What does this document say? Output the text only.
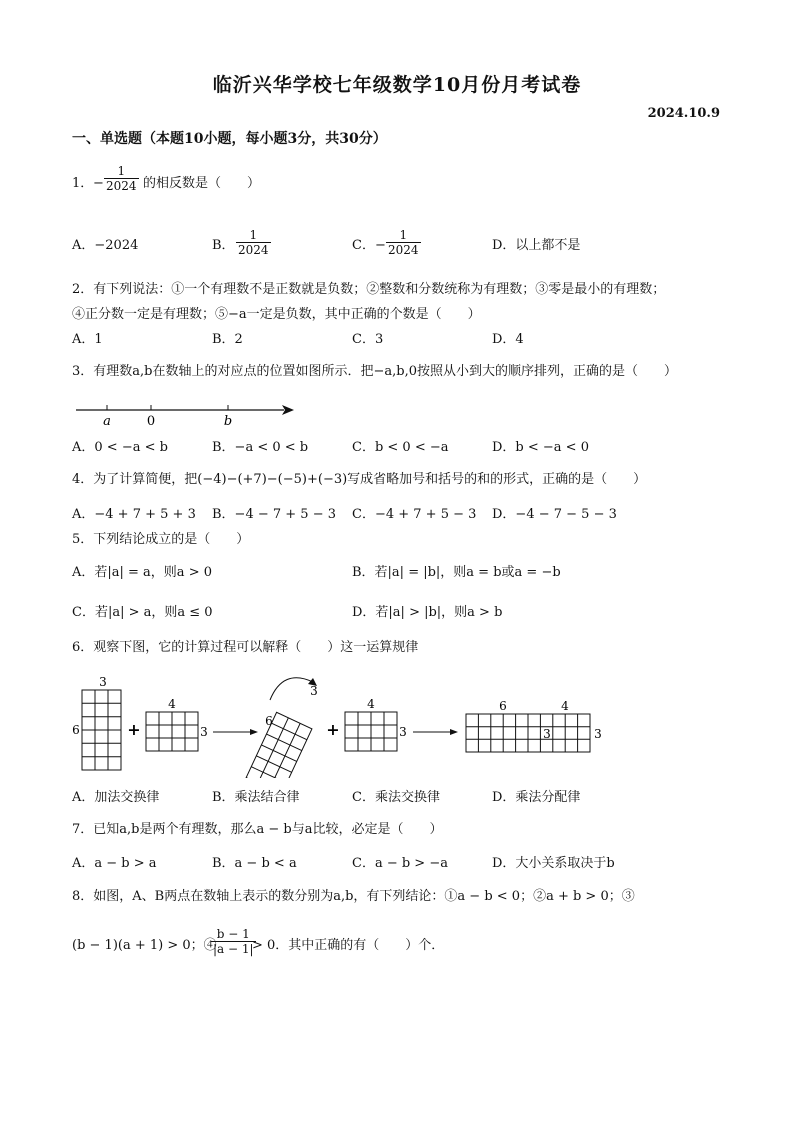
临沂兴华学校七年级数学10月份月考试卷
2024.10.9
一、单选题（本题10小题，每小题3分，共30分）
1． − $\frac{1}{2024}$ 的相反数是（　　）
A．−2024	B． $\frac{1}{2024}$	C．− $\frac{1}{2024}$	D．以上都不是
2．有下列说法：①一个有理数不是正数就是负数；②整数和分数统称为有理数；③零是最小的有理数；
④正分数一定是有理数；⑤−a一定是负数，其中正确的个数是（　　）
A．1	B．2	C．3	D．4
3．有理数a,b在数轴上的对应点的位置如图所示．把−a,b,0按照从小到大的顺序排列，正确的是（　　）
a	0	b
A．0 < −a < b	B．−a < 0 < b	C．b < 0 < −a	D．b < −a < 0
4．为了计算简便，把(−4)−(+7)−(−5)+(−3)写成省略加号和括号的和的形式，正确的是（　　）
A．−4 + 7 + 5 + 3 B．−4 − 7 + 5 − 3 C．−4 + 7 + 5 − 3 D．−4 − 7 − 5 − 3
5．下列结论成立的是（　　）
A．若|a| = a，则a > 0	B．若|a| = |b|，则a = b或a = −b
C．若|a| > a，则a ≤ 0	D．若|a| > |b|，则a > b
6．观察下图，它的计算过程可以解释（　　）这一运算规律
3
6	+
4
3
3
6	+
4
3
6	4
3	3
A．加法交换律	B．乘法结合律	C．乘法交换律	D．乘法分配律
7．已知a,b是两个有理数，那么a − b与a比较，必定是（　　）
A．a − b > a	B．a − b < a	C．a − b > −a	D．大小关系取决于b
8．如图，A、B两点在数轴上表示的数分别为a,b，有下列结论：①a − b < 0；②a + b > 0；③
(b − 1)(a + 1) > 0；④
$\frac{b - 1}{|a - 1|}$
> 0．其中正确的有（　　）个．
